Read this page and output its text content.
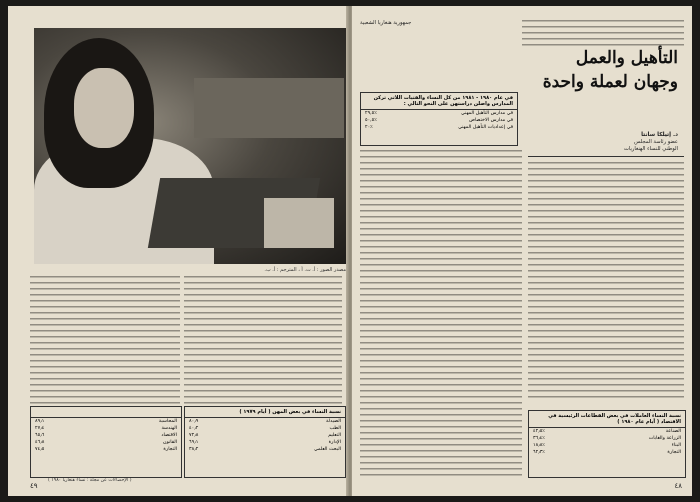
مصدر الصور : أ. ت. أ ، المترجم : أ. ب.
نسبة النساء في بعض المهن ( أيام ١٩٧٩ )
الصيدلة
٨٠٫٩
الطب
٤٠٫٢
التعليم
٧٢٫٨
الإدارة
٦٩٫١
البحث العلمي
٣٨٫٢
المحاسبة
٨٩٫١
الهندسة
٢٧٫٤
الاقتصاد
٦٥٫٦
القانون
٤٦٫٨
التجارة
٧٤٫٥
( الإحصاءات عن مجلة : نساء هنغاريا ١٩٨٠ )
٤٩
جمهورية هنغاريا الشعبية
التأهيل والعمل
وجهان لعملة واحدة
في عام ١٩٨٠ - ١٩٨١ من كل النساء والفتيات اللاتي تركن المدارس واصلن دراستهن على النحو التالي :
في مدارس التأهيل المهني
٪٢٩,٥
في مدارس الاختصاص
٪٥٠,٥
في إعداديات التأهيل المهني
٪٢٠
د. إتيلكا سانتا
عضو رئاسة المجلس
الوطني للنساء الهنغاريات
نسبة النساء العاملات في بعض القطاعات الرئيسية في الاقتصاد ( أيام عام ١٩٨٠ )
الصناعة
٪٤٢٫٥
الزراعة والغابات
٪٣٦٫٤
البناء
٪١٨٫٨
التجارة
٪٦٢٫٣
٤٨
